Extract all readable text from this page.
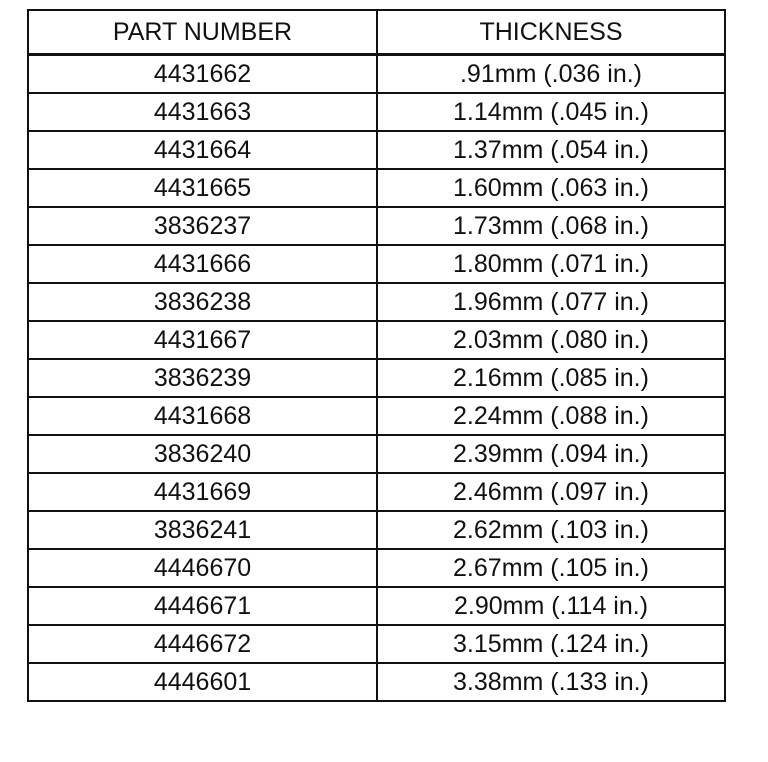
PART NUMBER	THICKNESS
4431662	.91mm (.036 in.)
4431663	1.14mm (.045 in.)
4431664	1.37mm (.054 in.)
4431665	1.60mm (.063 in.)
3836237	1.73mm (.068 in.)
4431666	1.80mm (.071 in.)
3836238	1.96mm (.077 in.)
4431667	2.03mm (.080 in.)
3836239	2.16mm (.085 in.)
4431668	2.24mm (.088 in.)
3836240	2.39mm (.094 in.)
4431669	2.46mm (.097 in.)
3836241	2.62mm (.103 in.)
4446670	2.67mm (.105 in.)
4446671	2.90mm (.114 in.)
4446672	3.15mm (.124 in.)
4446601	3.38mm (.133 in.)
